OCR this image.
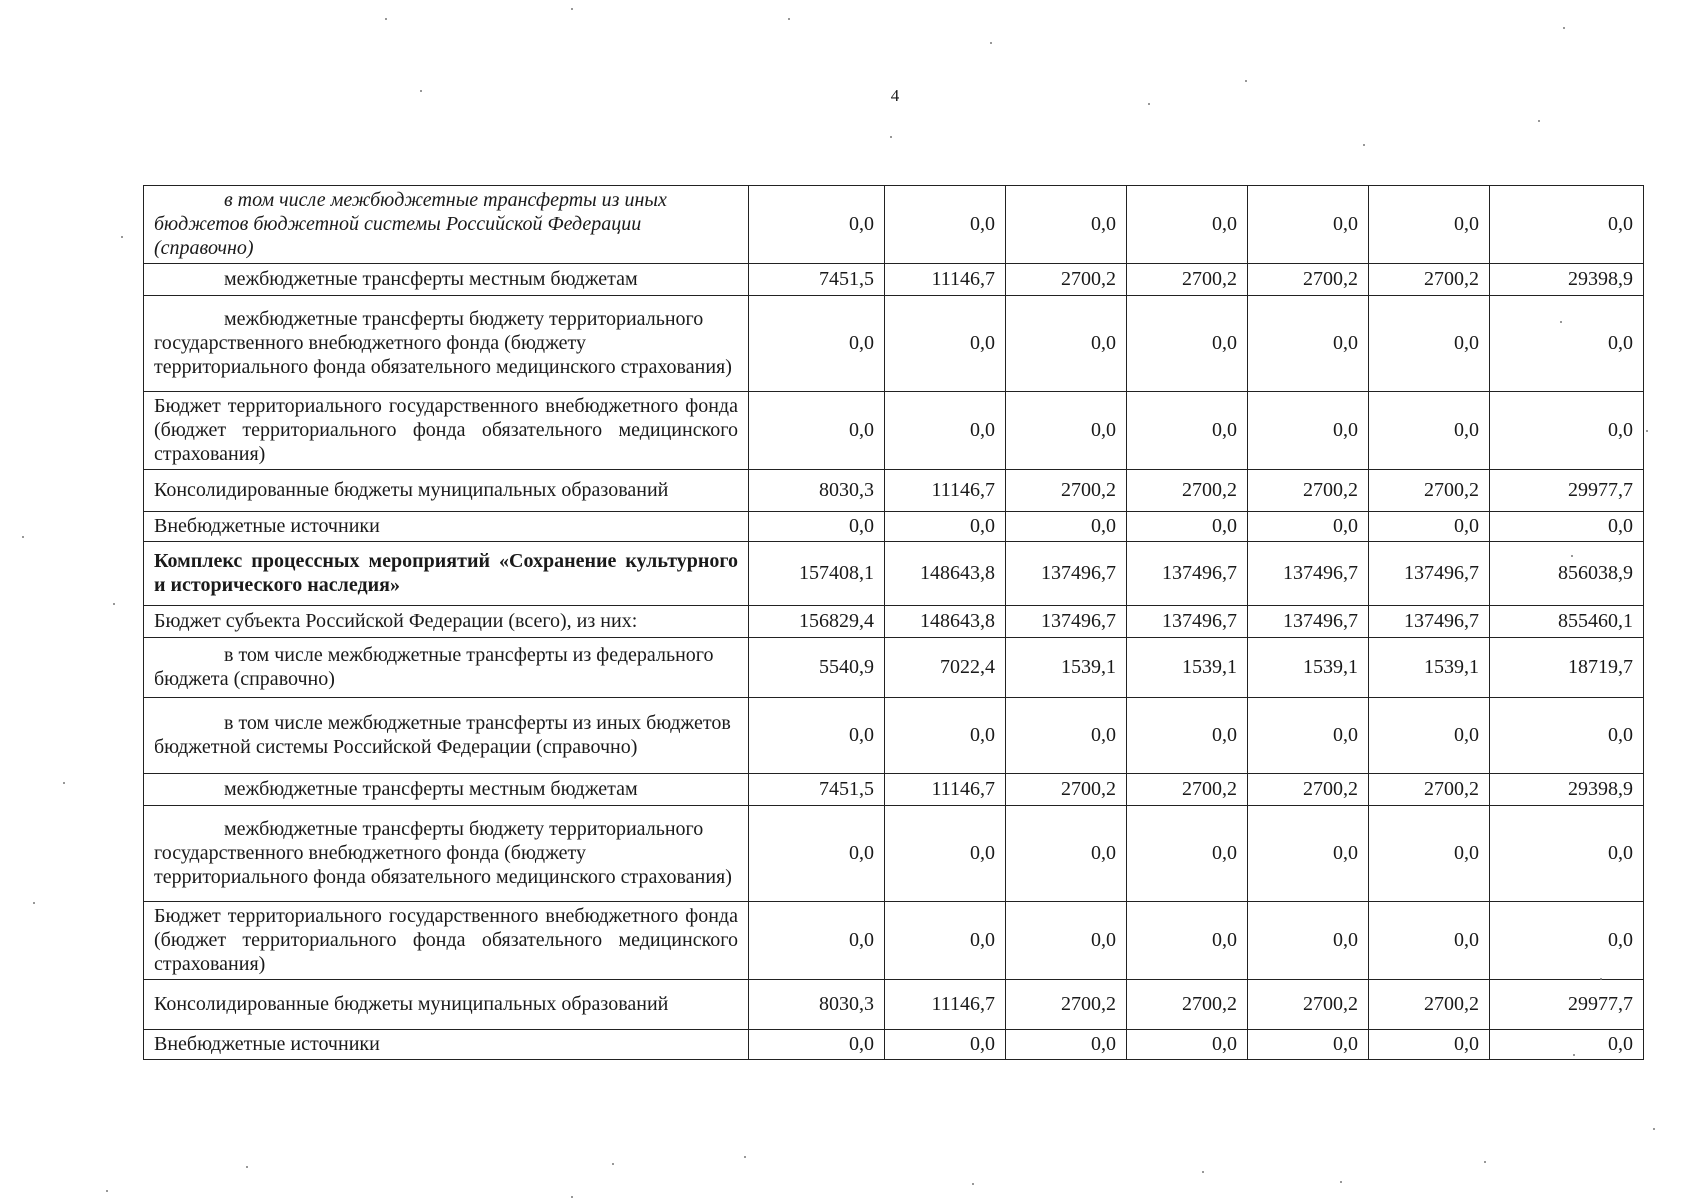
4
в том числе межбюджетные трансферты из иных бюджетов бюджетной системы Российской Федерации (справочно)	0,0	0,0	0,0	0,0	0,0	0,0	0,0
межбюджетные трансферты местным бюджетам	7451,5	11146,7	2700,2	2700,2	2700,2	2700,2	29398,9
межбюджетные трансферты бюджету территориального государственного внебюджетного фонда (бюджету территориального фонда обязательного медицинского страхования)	0,0	0,0	0,0	0,0	0,0	0,0	0,0
Бюджет территориального государственного внебюджетного фонда (бюджет территориального фонда обязательного медицинского страхования)	0,0	0,0	0,0	0,0	0,0	0,0	0,0
Консолидированные бюджеты муниципальных образований	8030,3	11146,7	2700,2	2700,2	2700,2	2700,2	29977,7
Внебюджетные источники	0,0	0,0	0,0	0,0	0,0	0,0	0,0
Комплекс процессных мероприятий «Сохранение культурного и исторического наследия»	157408,1	148643,8	137496,7	137496,7	137496,7	137496,7	856038,9
Бюджет субъекта Российской Федерации (всего), из них:	156829,4	148643,8	137496,7	137496,7	137496,7	137496,7	855460,1
в том числе межбюджетные трансферты из федерального бюджета (справочно)	5540,9	7022,4	1539,1	1539,1	1539,1	1539,1	18719,7
в том числе межбюджетные трансферты из иных бюджетов бюджетной системы Российской Федерации (справочно)	0,0	0,0	0,0	0,0	0,0	0,0	0,0
межбюджетные трансферты местным бюджетам	7451,5	11146,7	2700,2	2700,2	2700,2	2700,2	29398,9
межбюджетные трансферты бюджету территориального государственного внебюджетного фонда (бюджету территориального фонда обязательного медицинского страхования)	0,0	0,0	0,0	0,0	0,0	0,0	0,0
Бюджет территориального государственного внебюджетного фонда (бюджет территориального фонда обязательного медицинского страхования)	0,0	0,0	0,0	0,0	0,0	0,0	0,0
Консолидированные бюджеты муниципальных образований	8030,3	11146,7	2700,2	2700,2	2700,2	2700,2	29977,7
Внебюджетные источники	0,0	0,0	0,0	0,0	0,0	0,0	0,0
